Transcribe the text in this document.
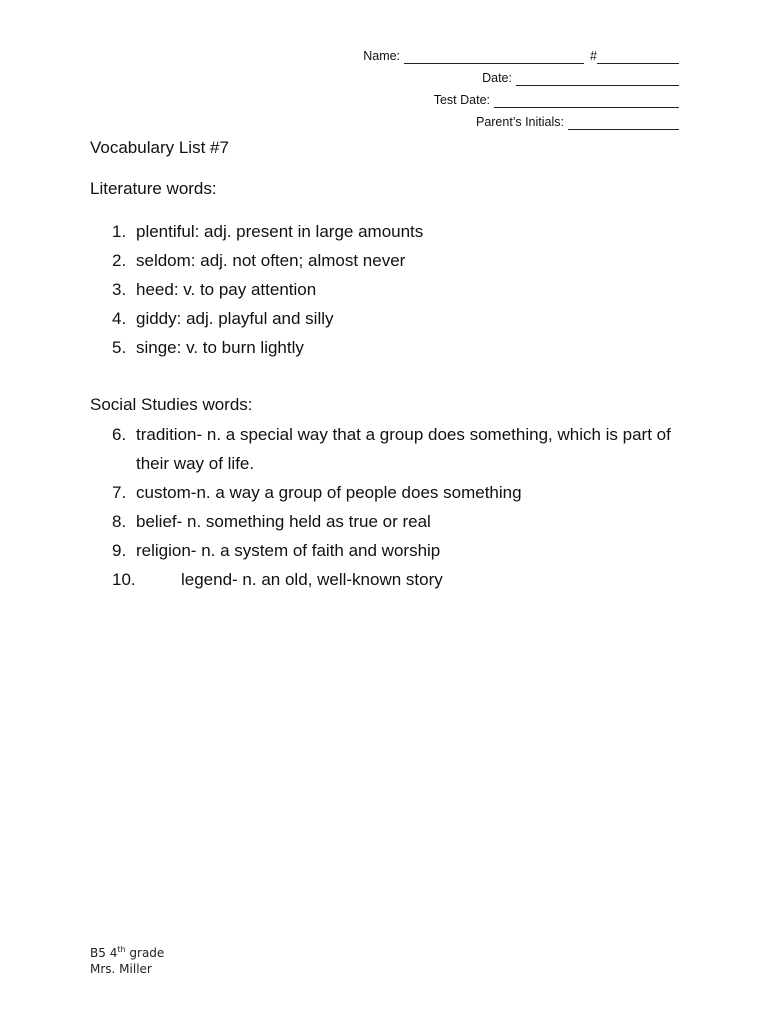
Name:	#
Date:
Test Date:
Parent’s Initials:
Vocabulary List #7
Literature words:
1. plentiful: adj. present in large amounts
2. seldom: adj. not often; almost never
3. heed: v. to pay attention
4. giddy: adj. playful and silly
5. singe: v. to burn lightly
Social Studies words:
6. tradition- n. a special way that a group does something, which is part of their way of life.
7. custom-n. a way a group of people does something
8. belief- n. something held as true or real
9. religion- n. a system of faith and worship
10.	legend- n. an old, well-known story
B5 4th grade
Mrs. Miller
